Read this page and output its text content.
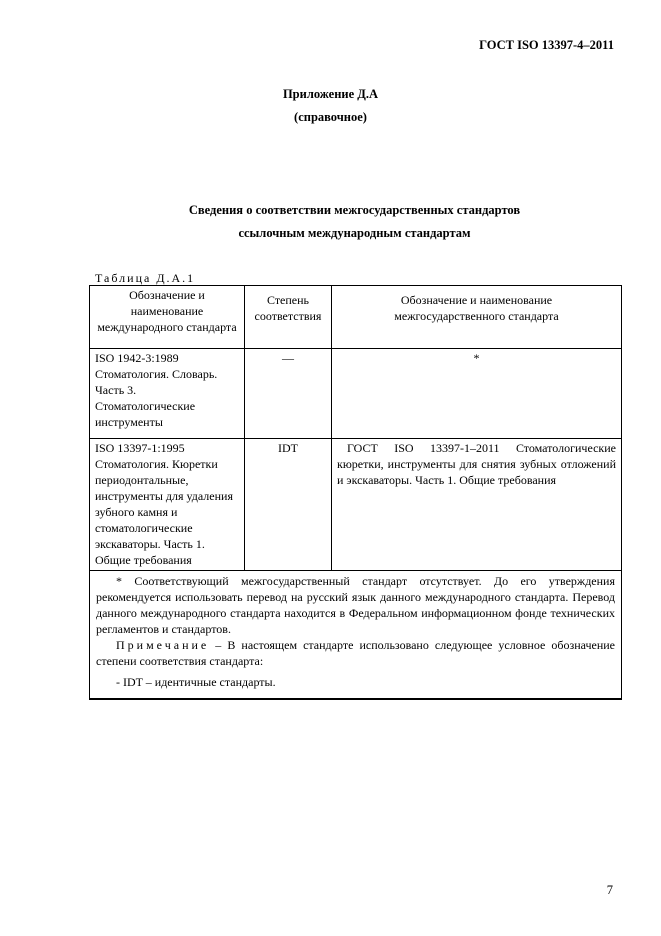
ГОСТ ISO 13397-4–2011
Приложение Д.А
(справочное)
Сведения о соответствии межгосударственных стандартов
ссылочным международным стандартам
Таблица Д.А.1
Обозначение и наименование международного стандарта	Степень соответствия	Обозначение и наименование межгосударственного стандарта
ISO 1942-3:1989 Стоматология. Словарь. Часть 3. Стоматологические инструменты	—	*
ISO 13397-1:1995 Стоматология. Кюретки периодонтальные, инструменты для удаления зубного камня и стоматологические экскаваторы. Часть 1. Общие требования	IDT	ГОСТ ISO 13397-1–2011 Стоматологические кюретки, инструменты для снятия зубных отложений и экскаваторы. Часть 1. Общие требования

* Соответствующий межгосударственный стандарт отсутствует. До его утверждения рекомендуется использовать перевод на русский язык данного международного стандарта. Перевод данного международного стандарта находится в Федеральном информационном фонде технических регламентов и стандартов.

Примечание – В настоящем стандарте использовано следующее условное обозначение степени соответствия стандарта:

- IDT – идентичные стандарты.		

7
